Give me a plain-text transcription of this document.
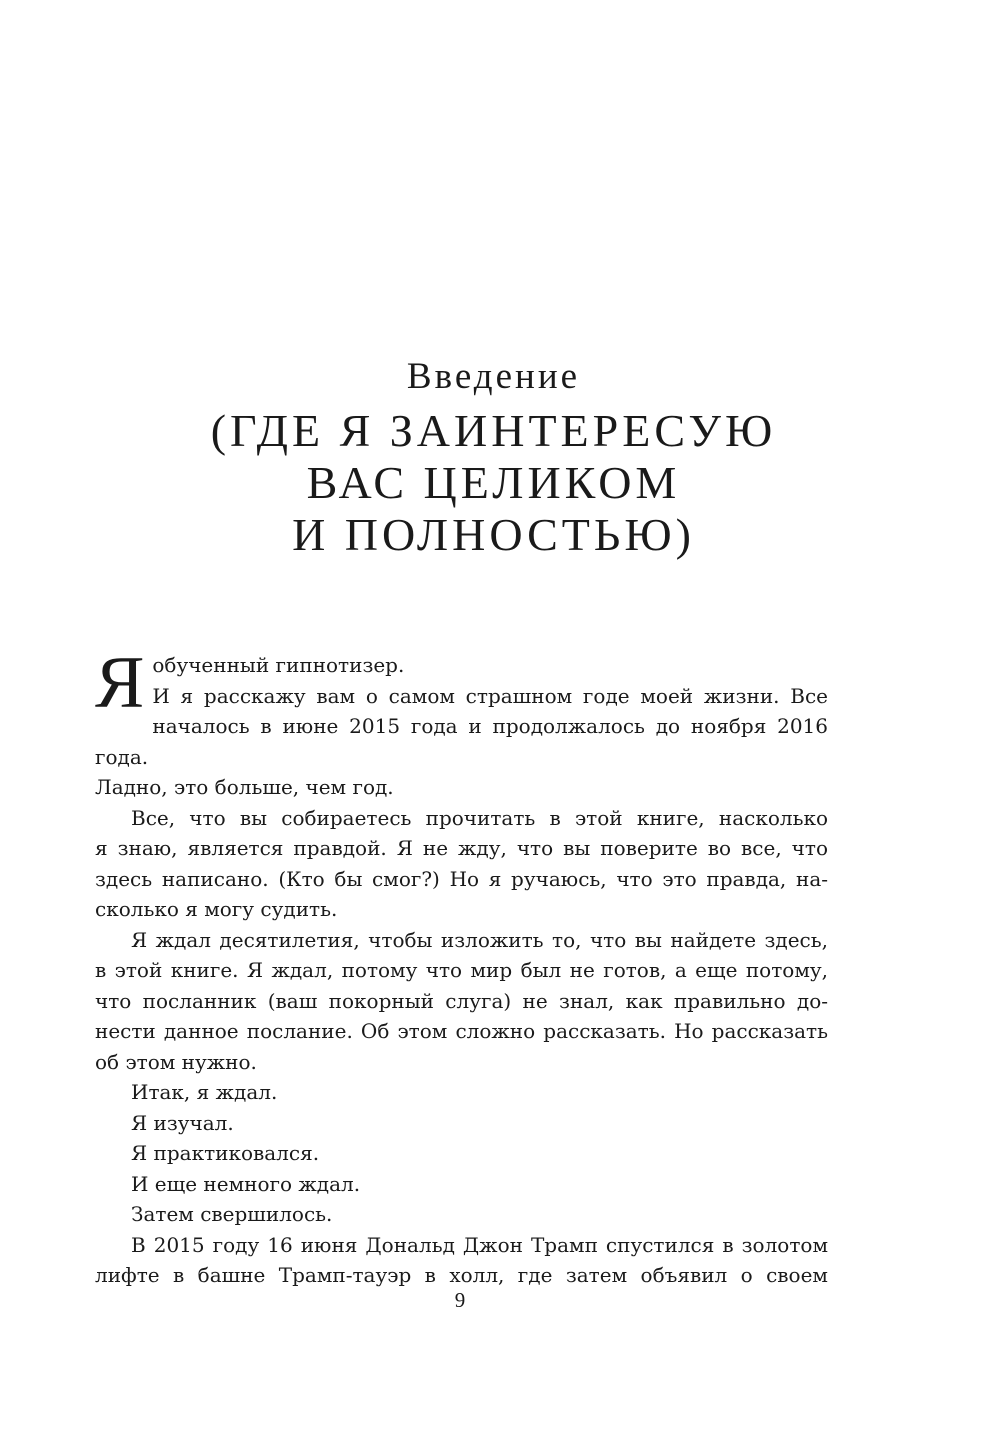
Введение
(ГДЕ Я ЗАИНТЕРЕСУЮ
ВАС ЦЕЛИКОМ
И ПОЛНОСТЬЮ)
Я обученный гипнотизер.
И я расскажу вам о самом страшном годе моей жизни. Все
началось в июне 2015 года и продолжалось до ноября 2016 года.
Ладно, это больше, чем год.
Все, что вы собираетесь прочитать в этой книге, насколько
я знаю, является правдой. Я не жду, что вы поверите во все, что
здесь написано. (Кто бы смог?) Но я ручаюсь, что это правда, на-
сколько я могу судить.
Я ждал десятилетия, чтобы изложить то, что вы найдете здесь,
в этой книге. Я ждал, потому что мир был не готов, а еще потому,
что посланник (ваш покорный слуга) не знал, как правильно до-
нести данное послание. Об этом сложно рассказать. Но рассказать
об этом нужно.
Итак, я ждал.
Я изучал.
Я практиковался.
И еще немного ждал.
Затем свершилось.
В 2015 году 16 июня Дональд Джон Трамп спустился в золотом
лифте в башне Трамп-тауэр в холл, где затем объявил о своем
9
